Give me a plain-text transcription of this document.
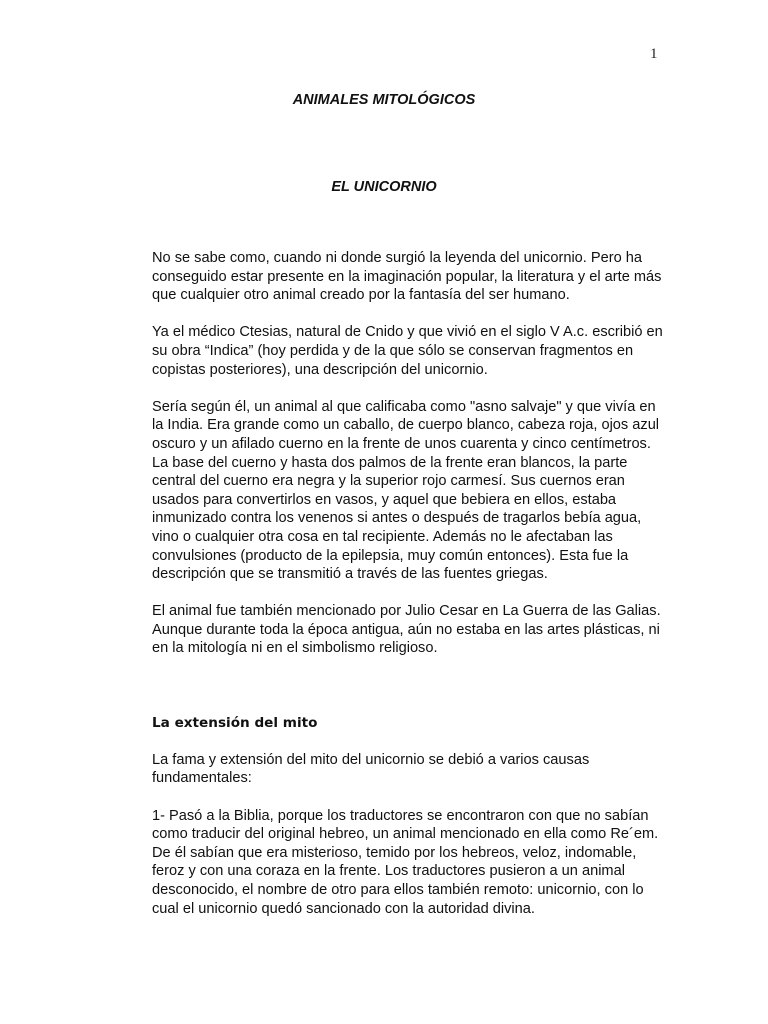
1
ANIMALES MITOLÓGICOS
EL UNICORNIO

No se sabe como, cuando ni donde surgió la leyenda del unicornio. Pero ha conseguido estar presente en la imaginación popular, la literatura y el arte más que cualquier otro animal creado por la fantasía del ser humano.

Ya el médico Ctesias, natural de Cnido y que vivió en el siglo V A.c. escribió en su obra “Indica” (hoy perdida y de la que sólo se conservan fragmentos en copistas posteriores), una descripción del unicornio.

Sería según él, un animal al que calificaba como "asno salvaje" y que vivía en la India. Era grande como un caballo, de cuerpo blanco, cabeza roja, ojos azul oscuro y un afilado cuerno en la frente de unos cuarenta y cinco centímetros. La base del cuerno y hasta dos palmos de la frente eran blancos, la parte central del cuerno era negra y la superior rojo carmesí. Sus cuernos eran usados para convertirlos en vasos, y aquel que bebiera en ellos, estaba inmunizado contra los venenos si antes o después de tragarlos bebía agua, vino o cualquier otra cosa en tal recipiente. Además no le afectaban las convulsiones (producto de la epilepsia, muy común entonces). Esta fue la descripción que se transmitió a través de las fuentes griegas.

El animal fue también mencionado por Julio Cesar en La Guerra de las Galias. Aunque durante toda la época antigua, aún no estaba en las artes plásticas, ni en la mitología ni en el simbolismo religioso.

La extensión del mito

La fama y extensión del mito del unicornio se debió a varios causas fundamentales:

1- Pasó a la Biblia, porque los traductores se encontraron con que no sabían como traducir del original hebreo, un animal mencionado en ella como Re´em.

De él sabían que era misterioso, temido por los hebreos, veloz, indomable, feroz y con una coraza en la frente. Los traductores pusieron a un animal desconocido, el nombre de otro para ellos también remoto: unicornio, con lo cual el unicornio quedó sancionado con la autoridad divina.
